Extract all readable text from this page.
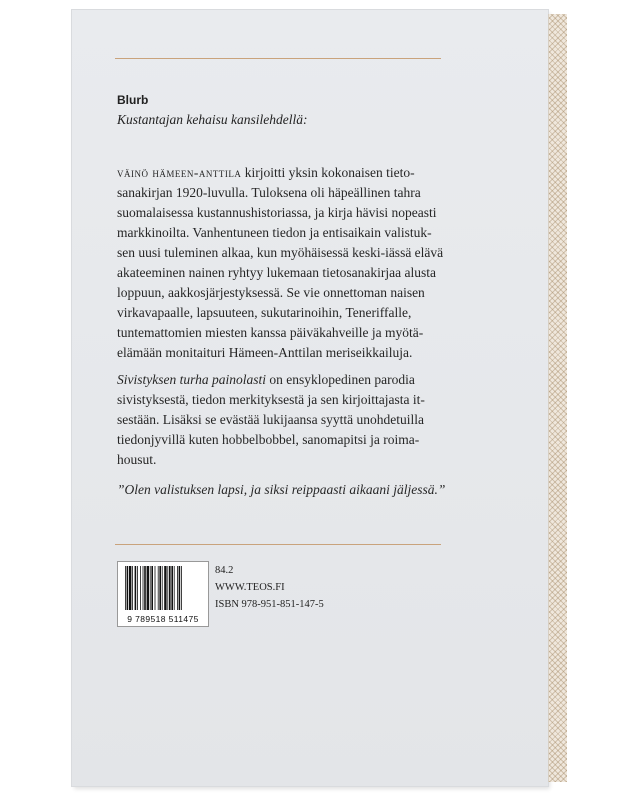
Blurb
Kustantajan kehaisu kansilehdellä:

väinö hämeen-anttila kirjoitti yksin kokonaisen tieto-
sanakirjan 1920-luvulla. Tuloksena oli häpeällinen tahra
suomalaisessa kustannushistoriassa, ja kirja hävisi nopeasti
markkinoilta. Vanhentuneen tiedon ja entisaikain valistuk-
sen uusi tuleminen alkaa, kun myöhäisessä keski-iässä elävä
akateeminen nainen ryhtyy lukemaan tietosanakirjaa alusta
loppuun, aakkosjärjestyksessä. Se vie onnettoman naisen
virkavapaalle, lapsuuteen, sukutarinoihin, Teneriffalle,
tuntemattomien miesten kanssa päiväkahveille ja myötä-
elämään monitaituri Hämeen-Anttilan meriseikkailuja.

Sivistyksen turha painolasti on ensyklopedinen parodia
sivistyksestä, tiedon merkityksestä ja sen kirjoittajasta it-
sestään. Lisäksi se evästää lukijaansa syyttä unohdetuilla
tiedonjyvillä kuten hobbelbobbel, sanomapitsi ja roima-
housut.

”Olen valistuksen lapsi, ja siksi reippaasti aikaani jäljessä.”

9 789518 511475
84.2
WWW.TEOS.FI
ISBN 978-951-851-147-5
